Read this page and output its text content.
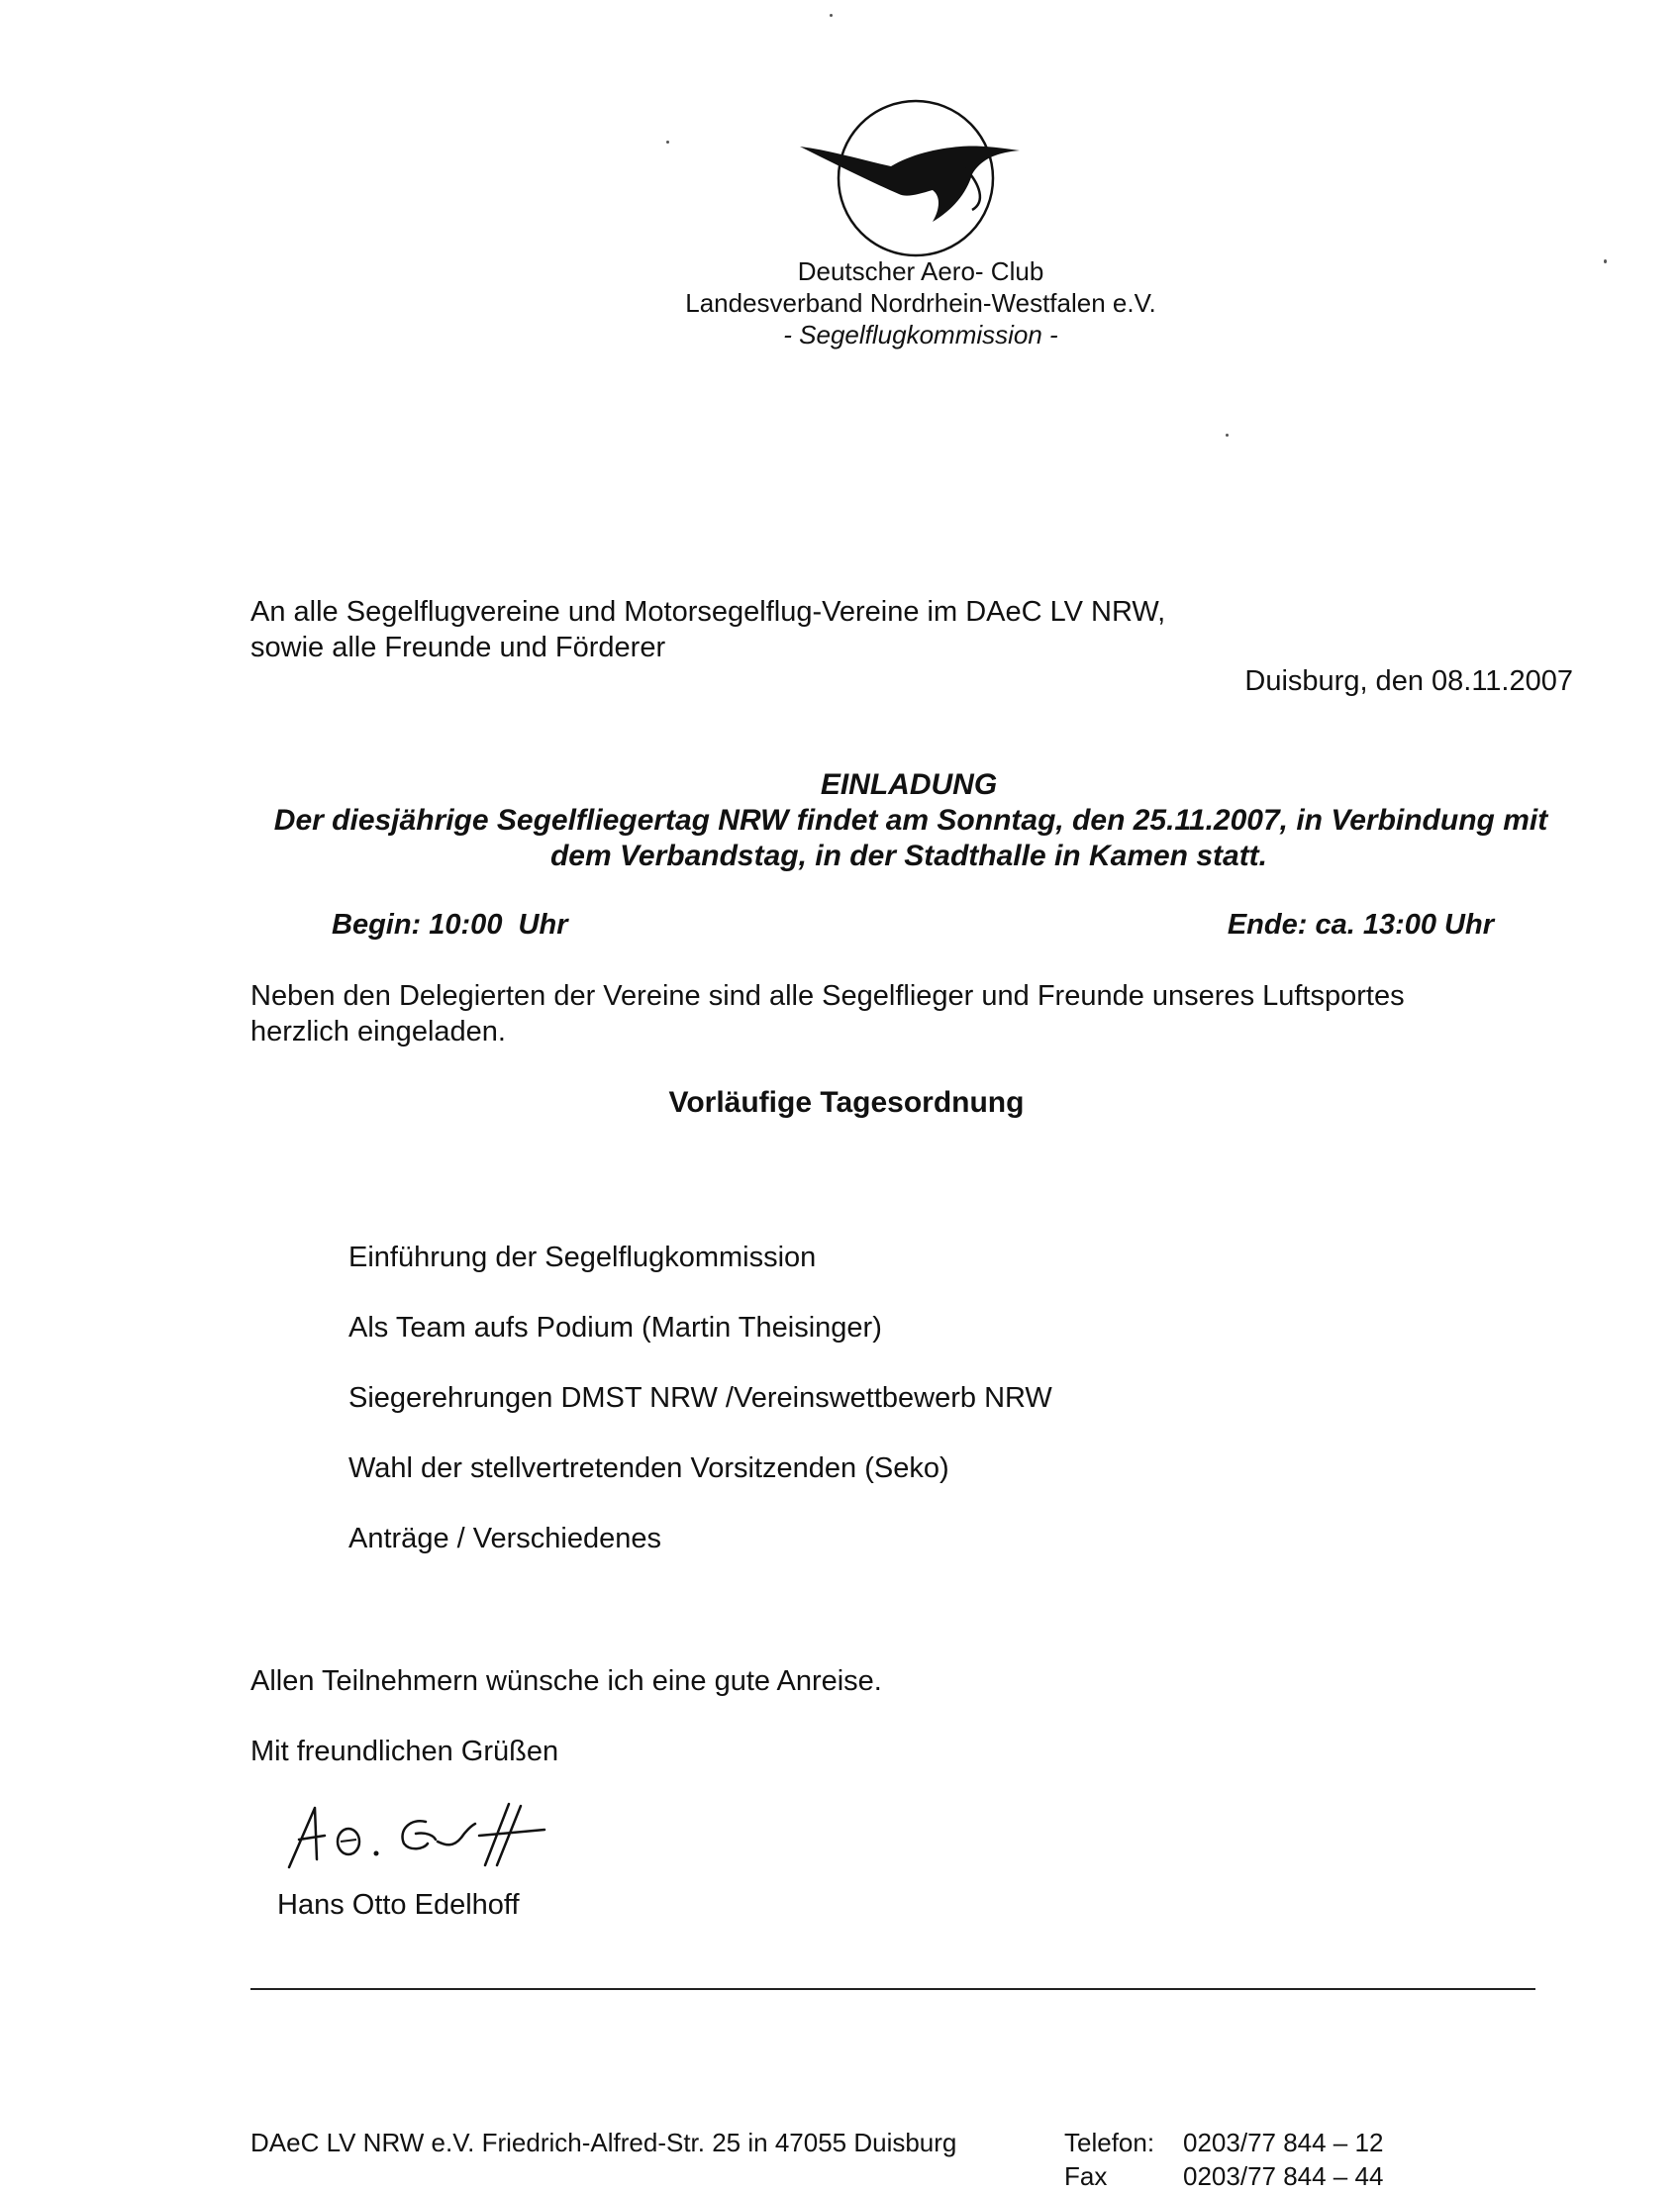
Deutscher Aero- Club
Landesverband Nordrhein-Westfalen e.V.
- Segelflugkommission -
An alle Segelflugvereine und Motorsegelflug-Vereine im DAeC LV NRW,
sowie alle Freunde und Förderer
Duisburg, den 08.11.2007
EINLADUNG
Der diesjährige Segelfliegertag NRW findet am Sonntag, den 25.11.2007, in Verbindung mit
dem Verbandstag, in der Stadthalle in Kamen statt.
Begin: 10:00  Uhr	Ende: ca. 13:00 Uhr
Neben den Delegierten der Vereine sind alle Segelflieger und Freunde unseres Luftsportes
herzlich eingeladen.
Vorläufige Tagesordnung
Einführung der Segelflugkommission
Als Team aufs Podium (Martin Theisinger)
Siegerehrungen DMST NRW /Vereinswettbewerb NRW
Wahl der stellvertretenden Vorsitzenden (Seko)
Anträge / Verschiedenes
Allen Teilnehmern wünsche ich eine gute Anreise.
Mit freundlichen Grüßen
Hans Otto Edelhoff
DAeC LV NRW e.V. Friedrich-Alfred-Str. 25 in 47055 Duisburg	Telefon: 0203/77 844 – 12
Fax	0203/77 844 – 44
